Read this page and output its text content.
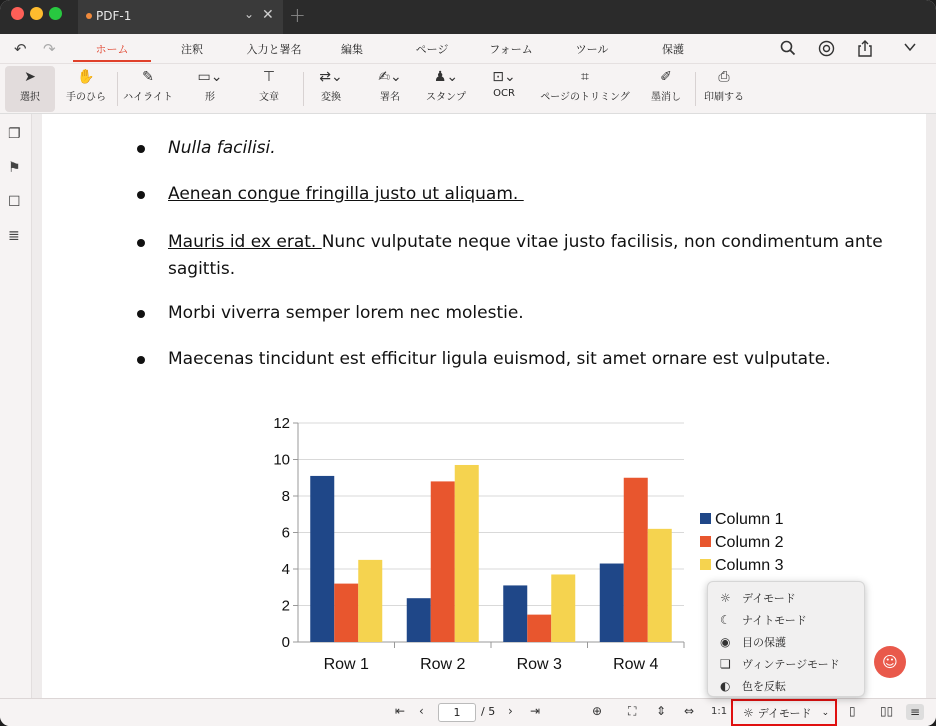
PDF-1	⌄ ✕ +
↶ ↷	ホーム	注釈	入力と署名	編集	ページ	フォーム	ツール	保護
➤
選択
✋
手のひら
✎
ハイライト
▭⌄
形
⊤
文章
⇄⌄
変換
✍⌄
署名
♟⌄
スタンプ
⊡⌄
OCR
⌗
ページのトリミング
✐
墨消し
⎙
印刷する
❐
⚑
☐
≣
Nulla facilisi.
Aenean congue fringilla justo ut aliquam.
Mauris id ex erat. Nunc vulputate neque vitae justo facilisis, non condimentum ante
sagittis.
Morbi viverra semper lorem nec molestie.
Maecenas tincidunt est efficitur ligula euismod, sit amet ornare est vulputate.
0
2
4
6
8
10
12
Row 1	Row 2	Row 3	Row 4
Column 1
Column 2
Column 3
⇤ ‹	1	/ 5 › ⇥	⊕ ⛶ ⇕ ⇔ 1:1 ☼ デイモード ⌄ ▯ ▯▯	≡
☼	デイモード
☾	ナイトモード
◉	目の保護
❏	ヴィンテージモード
◐	色を反転
☺
